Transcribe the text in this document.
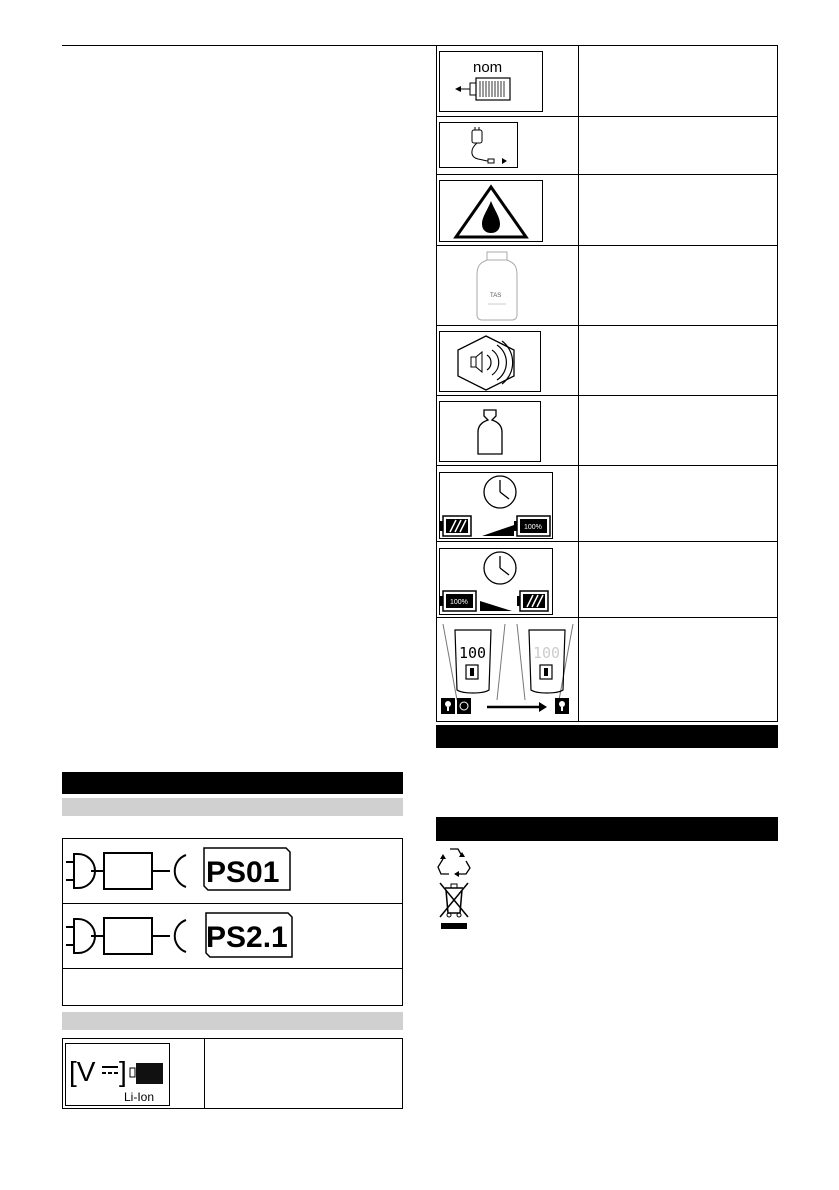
PS01
PS2.1
[V ]
Li-Ion
nom
TAS
100%
100%
100	100
